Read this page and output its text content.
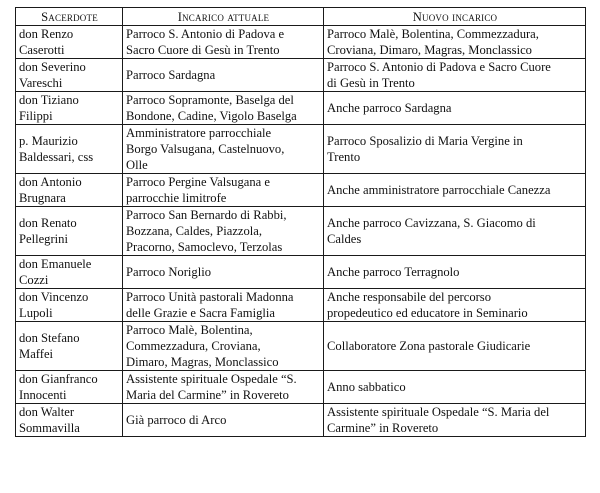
Sacerdote	Incarico attuale	Nuovo incarico

don Renzo
Caserotti	Parroco S. Antonio di Padova e
Sacro Cuore di Gesù in Trento	Parroco Malè, Bolentina, Commezzadura,
Croviana, Dimaro, Magras, Monclassico

don Severino
Vareschi	Parroco Sardagna	Parroco S. Antonio di Padova e Sacro Cuore
di Gesù in Trento

don Tiziano
Filippi	Parroco Sopramonte, Baselga del
Bondone, Cadine, Vigolo Baselga	Anche parroco Sardagna

p. Maurizio
Baldessari, css	Amministratore parrocchiale
Borgo Valsugana, Castelnuovo,
Olle	Parroco Sposalizio di Maria Vergine in
Trento

don Antonio
Brugnara	Parroco Pergine Valsugana e
parrocchie limitrofe	Anche amministratore parrocchiale Canezza

don Renato
Pellegrini	Parroco San Bernardo di Rabbi,
Bozzana, Caldes, Piazzola,
Pracorno, Samoclevo, Terzolas	Anche parroco Cavizzana, S. Giacomo di
Caldes

don Emanuele
Cozzi	Parroco Noriglio	Anche parroco Terragnolo

don Vincenzo
Lupoli	Parroco Unità pastorali Madonna
delle Grazie e Sacra Famiglia	Anche responsabile del percorso
propedeutico ed educatore in Seminario

don Stefano
Maffei	Parroco Malè, Bolentina,
Commezzadura, Croviana,
Dimaro, Magras, Monclassico	Collaboratore Zona pastorale Giudicarie

don Gianfranco
Innocenti	Assistente spirituale Ospedale “S.
Maria del Carmine” in Rovereto	Anno sabbatico

don Walter
Sommavilla	Già parroco di Arco	Assistente spirituale Ospedale “S. Maria del
Carmine” in Rovereto
